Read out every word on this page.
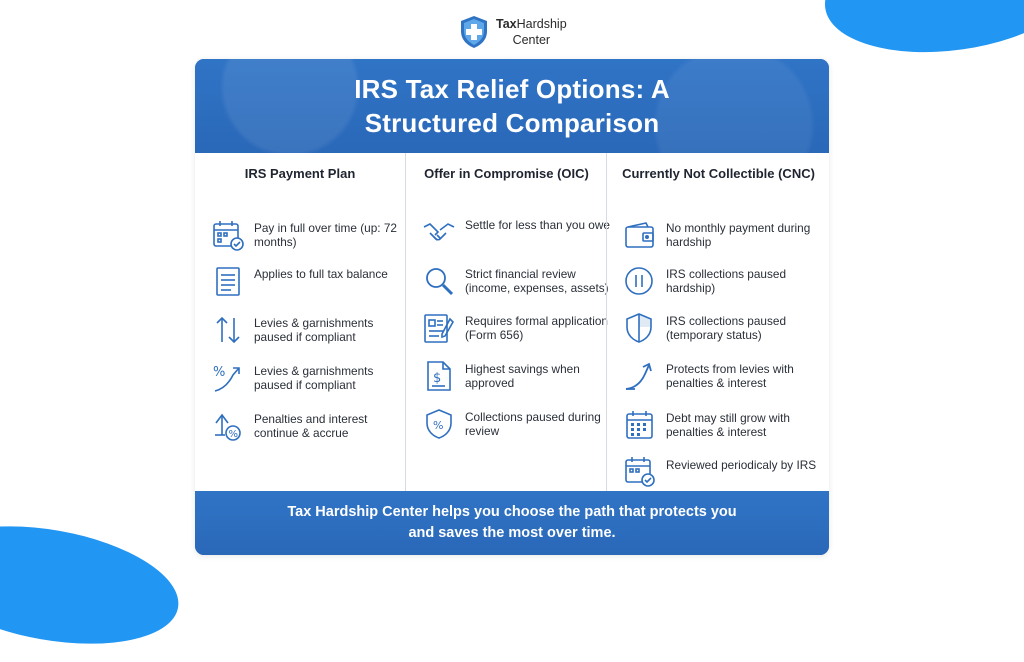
TaxHardship
Center
IRS Tax Relief Options: A
Structured Comparison
IRS Payment Plan
Pay in full over time (up: 72 months)
Applies to full tax balance
Levies & garnishments paused if compliant
% Levies & garnishments paused if compliant
%
Penalties and interest continue & accrue
Offer in Compromise (OIC)
Settle for less than you owe
Strict financial review (income, expenses, assets)
Requires formal application (Form 656)
$
Highest savings when approved
%
Collections paused during review
Currently Not Collectible (CNC)
No monthly payment during hardship
IRS collections paused hardship)
IRS collections paused (temporary status)
Protects from levies with penalties & interest
Debt may still grow with penalties & interest
Reviewed periodicaly by IRS
Tax Hardship Center helps you choose the path that protects you
and saves the most over time.
